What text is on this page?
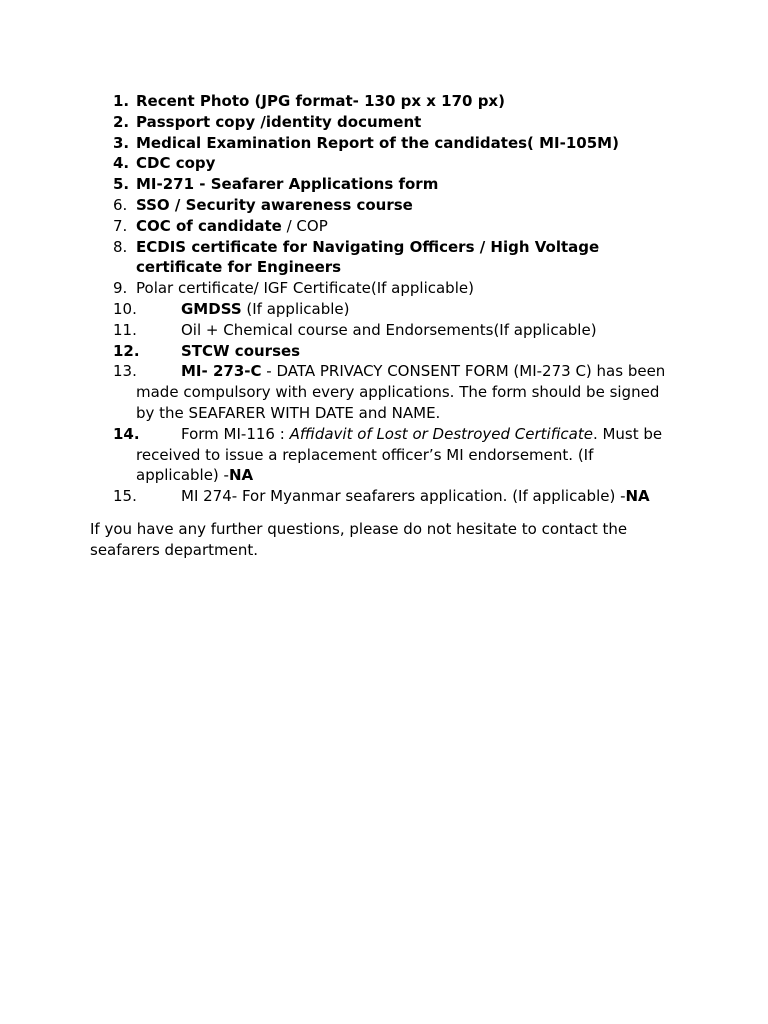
1. Recent Photo (JPG format- 130 px x 170 px)
2. Passport copy /identity document
3. Medical Examination Report of the candidates( MI-105M)
4. CDC copy
5. MI-271 - Seafarer Applications form
6. SSO / Security awareness course
7. COC of candidate / COP
8. ECDIS certificate for Navigating Officers / High Voltage certificate for Engineers
9. Polar certificate/ IGF Certificate(If applicable)
10.	GMDSS (If applicable)
11.	Oil + Chemical course and Endorsements(If applicable)
12.	STCW courses
13.	MI- 273-C - DATA PRIVACY CONSENT FORM (MI-273 C) has been made compulsory with every applications. The form should be signed by the SEAFARER WITH DATE and NAME.
14.	Form MI-116 : Affidavit of Lost or Destroyed Certificate. Must be received to issue a replacement officer’s MI endorsement. (If applicable) -NA
15.	MI 274- For Myanmar seafarers application. (If applicable) -NA

If you have any further questions, please do not hesitate to contact the seafarers department.
